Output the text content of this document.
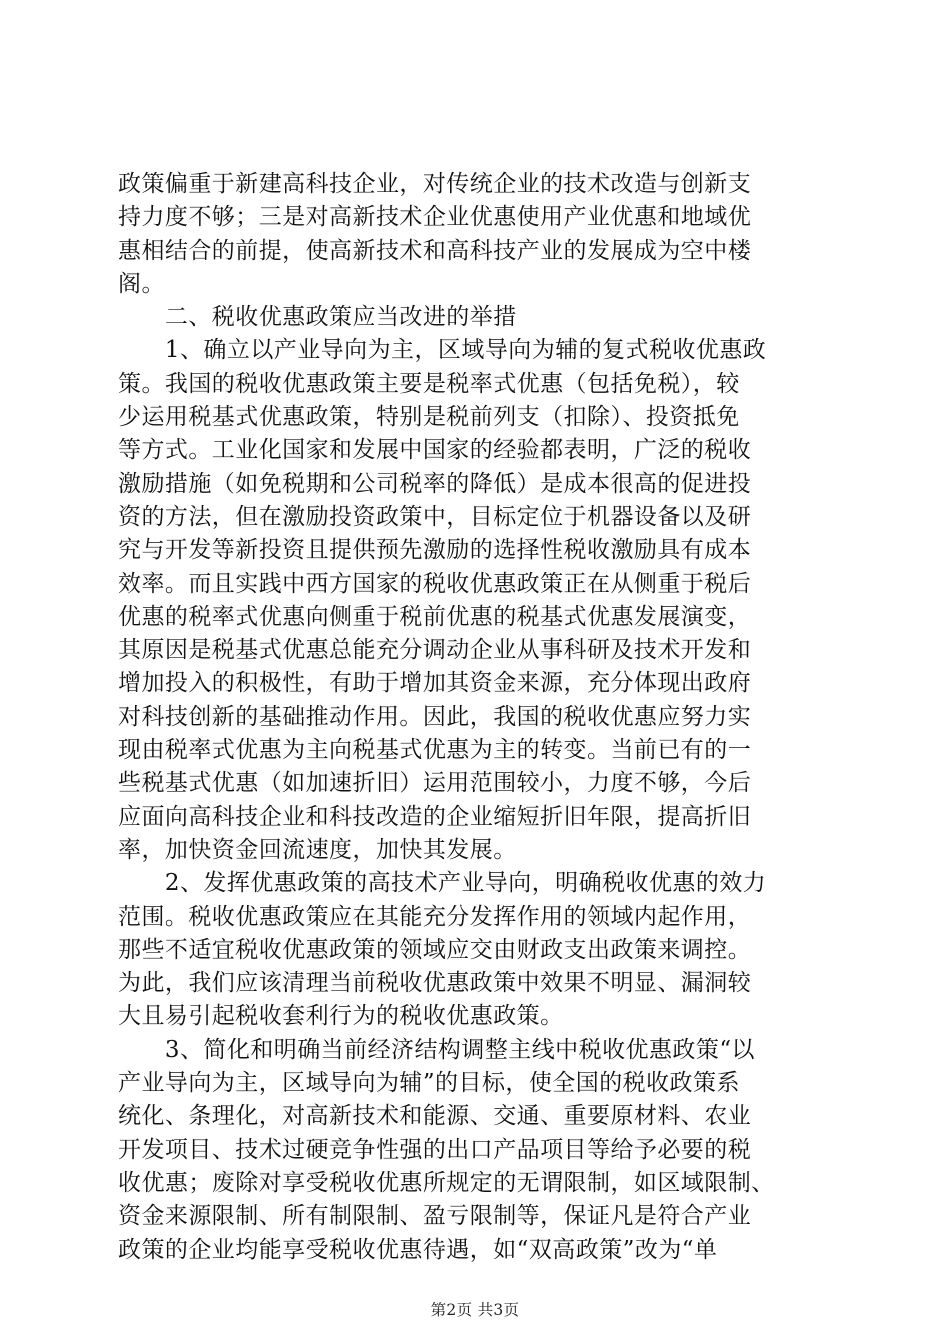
政策偏重于新建高科技企业，对传统企业的技术改造与创新支
持力度不够；三是对高新技术企业优惠使用产业优惠和地域优
惠相结合的前提，使高新技术和高科技产业的发展成为空中楼
阁。
　　二、税收优惠政策应当改进的举措
　　1、确立以产业导向为主，区域导向为辅的复式税收优惠政
策。我国的税收优惠政策主要是税率式优惠（包括免税），较
少运用税基式优惠政策，特别是税前列支（扣除）、投资抵免
等方式。工业化国家和发展中国家的经验都表明，广泛的税收
激励措施（如免税期和公司税率的降低）是成本很高的促进投
资的方法，但在激励投资政策中，目标定位于机器设备以及研
究与开发等新投资且提供预先激励的选择性税收激励具有成本
效率。而且实践中西方国家的税收优惠政策正在从侧重于税后
优惠的税率式优惠向侧重于税前优惠的税基式优惠发展演变，
其原因是税基式优惠总能充分调动企业从事科研及技术开发和
增加投入的积极性，有助于增加其资金来源，充分体现出政府
对科技创新的基础推动作用。因此，我国的税收优惠应努力实
现由税率式优惠为主向税基式优惠为主的转变。当前已有的一
些税基式优惠（如加速折旧）运用范围较小，力度不够，今后
应面向高科技企业和科技改造的企业缩短折旧年限，提高折旧
率，加快资金回流速度，加快其发展。
　　2、发挥优惠政策的高技术产业导向，明确税收优惠的效力
范围。税收优惠政策应在其能充分发挥作用的领域内起作用，
那些不适宜税收优惠政策的领域应交由财政支出政策来调控。
为此，我们应该清理当前税收优惠政策中效果不明显、漏洞较
大且易引起税收套利行为的税收优惠政策。
　　3、简化和明确当前经济结构调整主线中税收优惠政策“以
产业导向为主，区域导向为辅”的目标，使全国的税收政策系
统化、条理化，对高新技术和能源、交通、重要原材料、农业
开发项目、技术过硬竞争性强的出口产品项目等给予必要的税
收优惠；废除对享受税收优惠所规定的无谓限制，如区域限制、
资金来源限制、所有制限制、盈亏限制等，保证凡是符合产业
政策的企业均能享受税收优惠待遇，如“双高政策”改为“单
第2页 共3页
